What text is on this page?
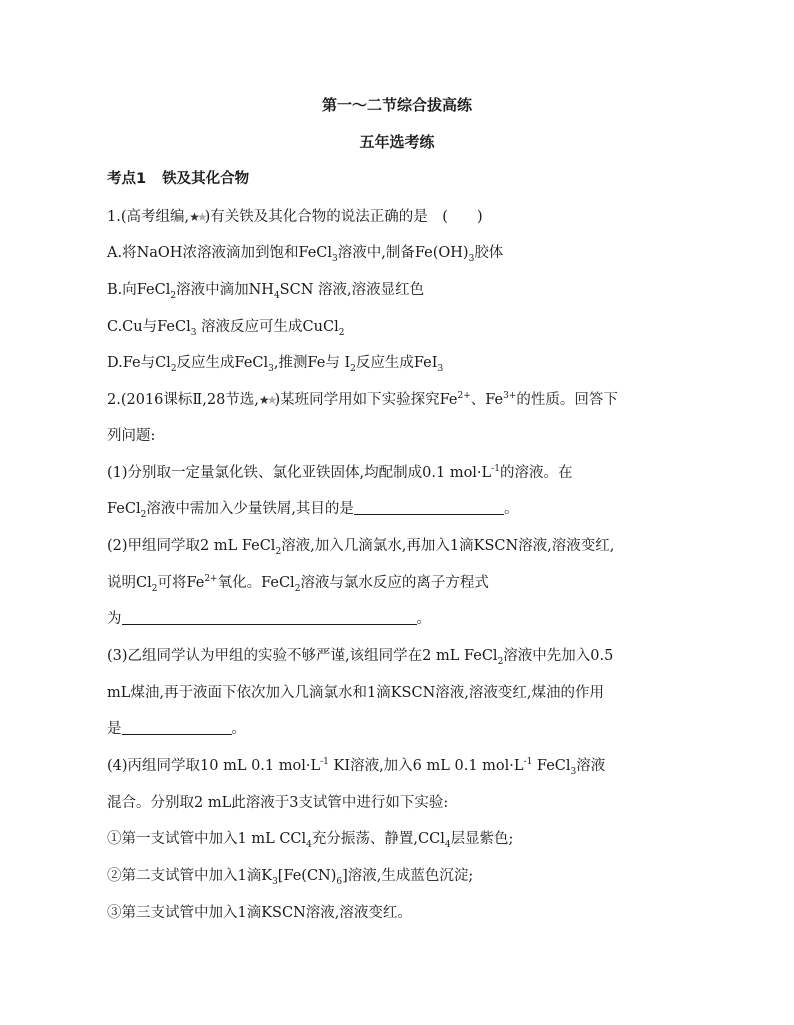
第一～二节综合拔高练
五年选考练
考点1 铁及其化合物
1.(高考组编,★★)有关铁及其化合物的说法正确的是　(　　)
A.将NaOH浓溶液滴加到饱和FeCl$_3$溶液中,制备$Fe(OH)_3$胶体
B.向FeCl$_2$溶液中滴加$NH_4SCN$ 溶液,溶液显红色
C.Cu与FeCl$_3$ 溶液反应可生成CuCl$_2$
D.Fe与$Cl_2$反应生成FeCl$_3$,推测Fe与 $I_2$反应生成FeI$_3$
2.(2016课标Ⅱ,28节选,★★)某班同学用如下实验探究$Fe^{2+}$、$Fe^{3+}$的性质。回答下
列问题:
(1)分别取一定量氯化铁、氯化亚铁固体,均配制成0.1 $mol\cdot L^{-1}$的溶液。在
FeCl$_2$溶液中需加入少量铁屑,其目的是	。
(2)甲组同学取2 mL FeCl$_2$溶液,加入几滴氯水,再加入1滴KSCN溶液,溶液变红,
说明$Cl_2$可将$Fe^{2+}$氧化。FeCl$_2$溶液与氯水反应的离子方程式
为	。
(3)乙组同学认为甲组的实验不够严谨,该组同学在2 mL FeCl$_2$溶液中先加入0.5
mL煤油,再于液面下依次加入几滴氯水和1滴KSCN溶液,溶液变红,煤油的作用
是	。
(4)丙组同学取10 mL 0.1 $mol\cdot L^{-1}$ KI溶液,加入6 mL 0.1 $mol\cdot L^{-1}$ FeCl$_3$溶液
混合。分别取2 mL此溶液于3支试管中进行如下实验:
①第一支试管中加入1 mL CCl$_4$充分振荡、静置,CCl$_4$层显紫色;
②第二支试管中加入1滴$K_3[Fe(CN)_6]$溶液,生成蓝色沉淀;
③第三支试管中加入1滴KSCN溶液,溶液变红。
